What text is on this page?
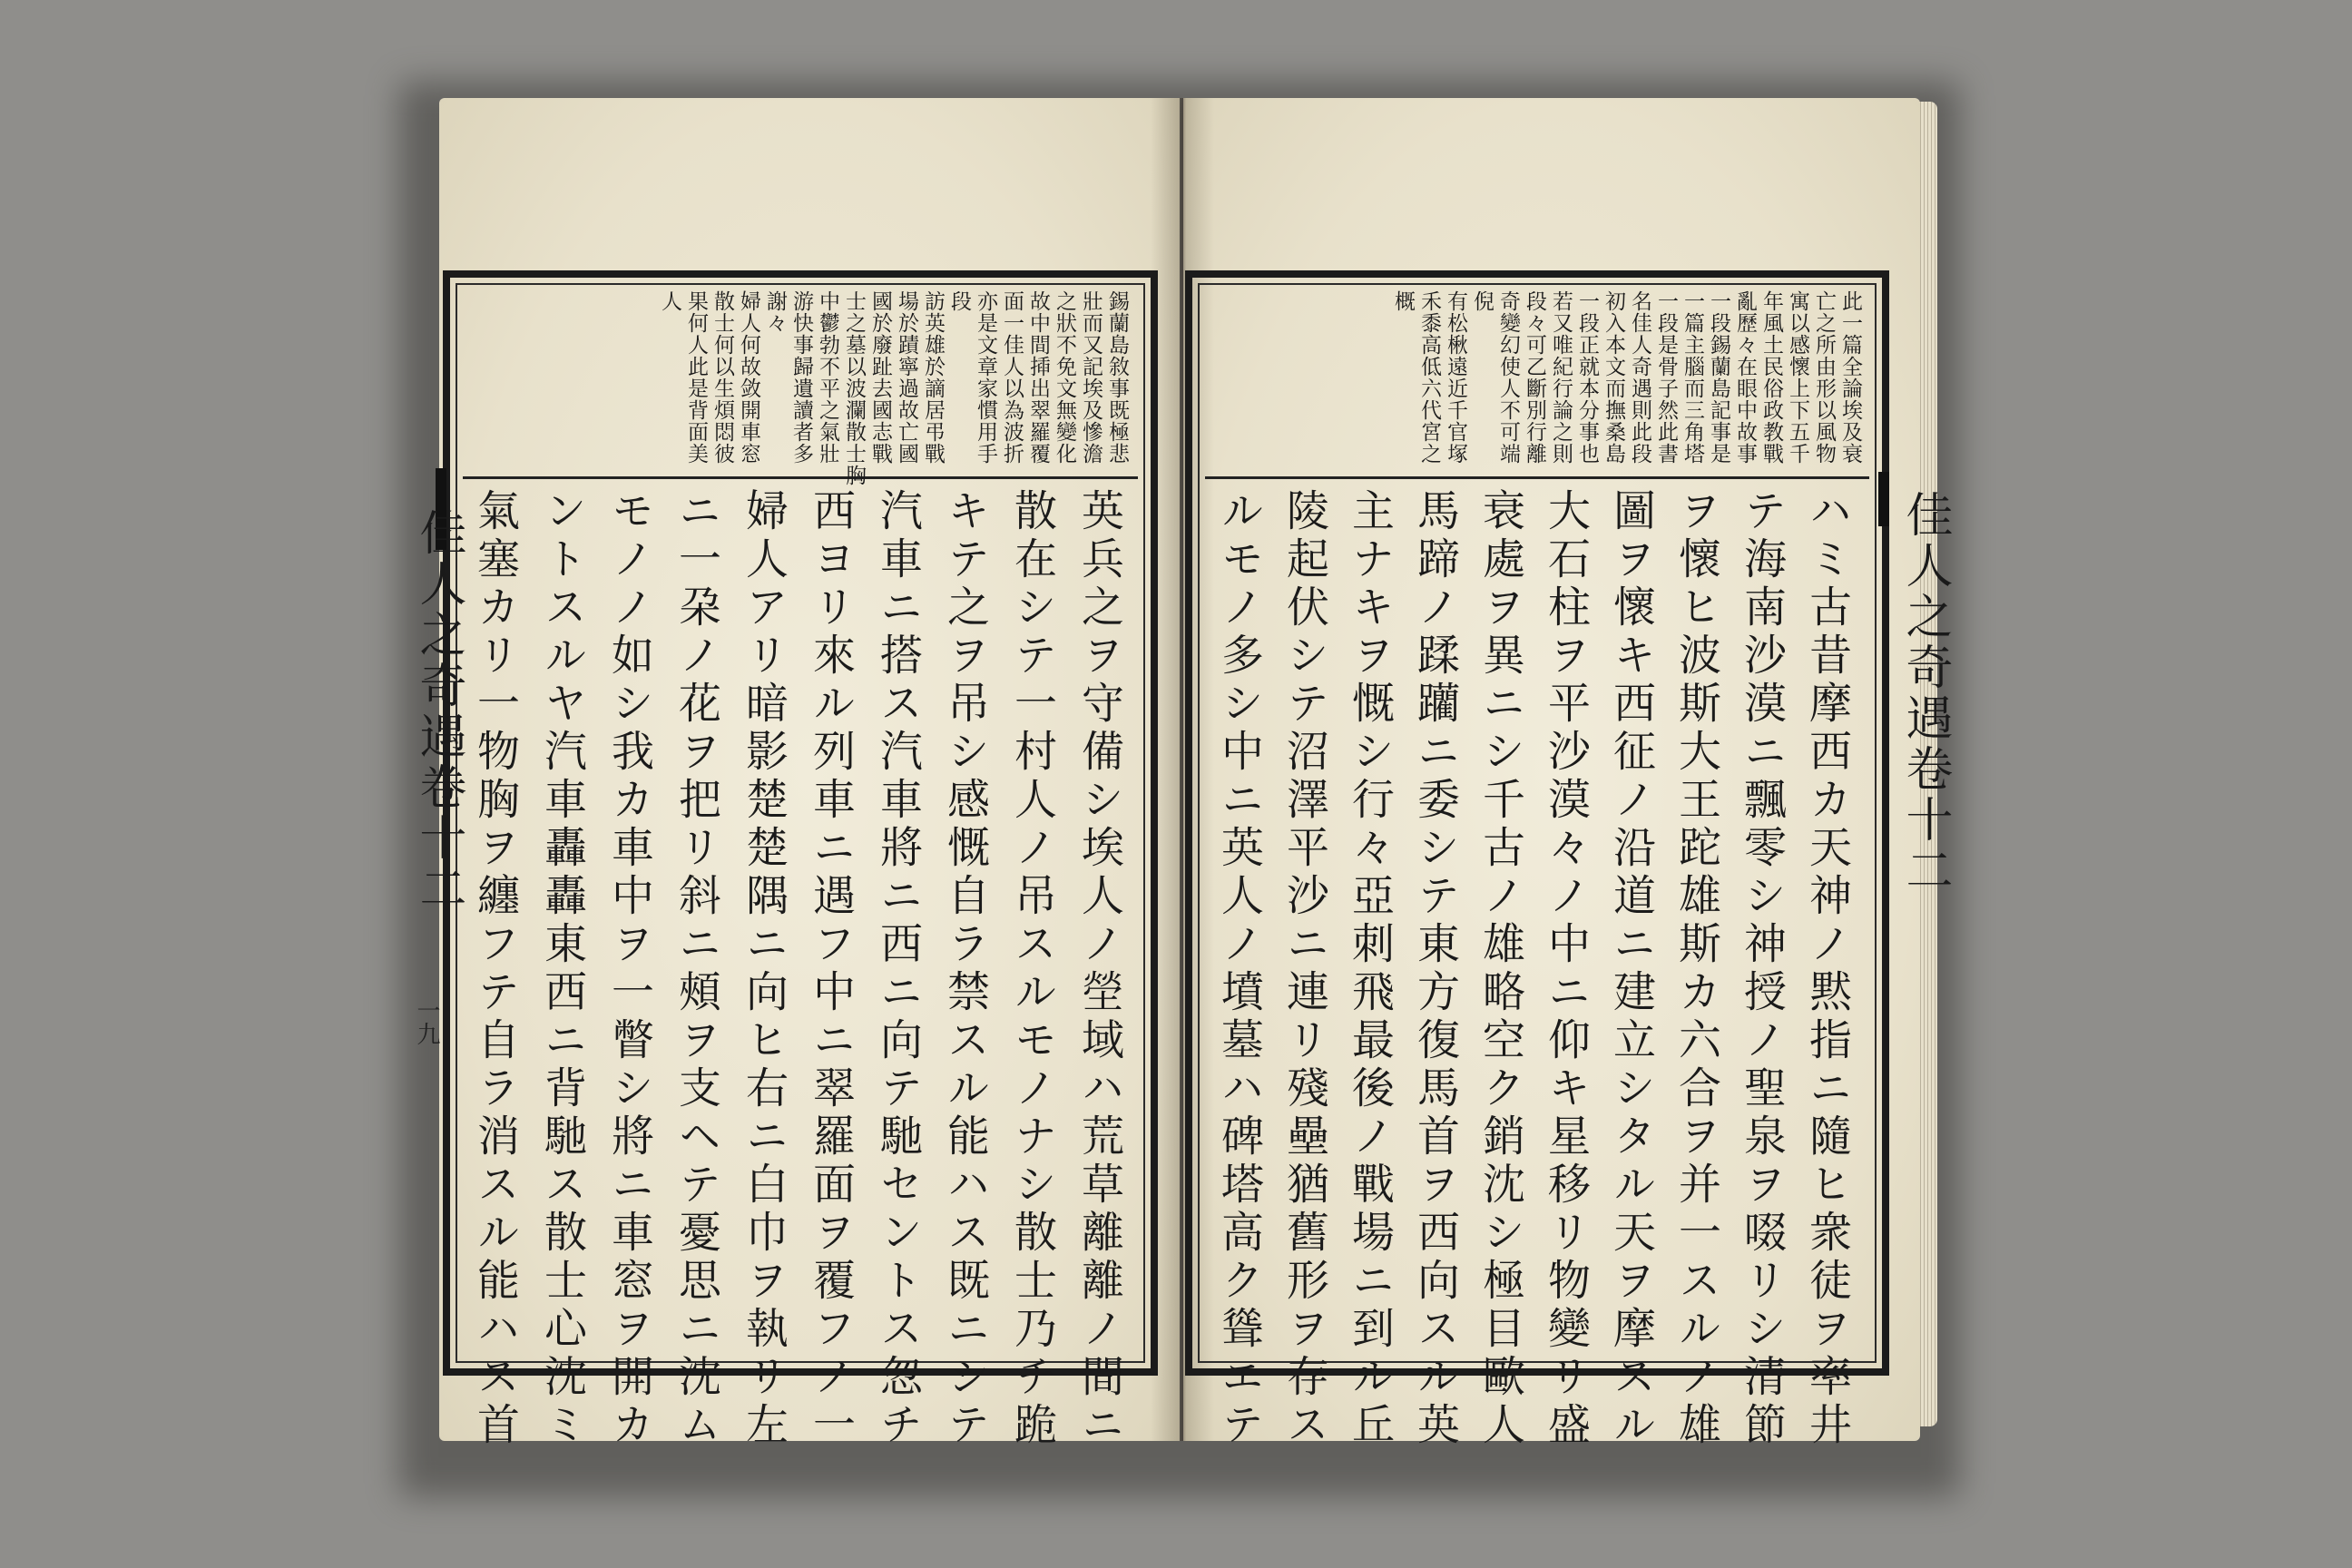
錫蘭島敘事既極悲
壯而又記埃及慘澹
之狀不免文無變化
故中間揷出翠羅覆
面一佳人以為波折
亦是文章家慣用手
段
訪英雄於謫居弔戰
場於蹟寧過故亡國
國於廢趾去國志戰
士之墓以波瀾散士胸
中鬱勃不平之氣壯
游快事歸遺讀者多
謝々
婦人何故敛開車窓
散士何以生煩悶彼
果何人此是背面美
人
英兵之ヲ守備シ埃人ノ塋域ハ荒草離離ノ間ニ
散在シテ一村人ノ吊スルモノナシ散士乃チ跪
キテ之ヲ吊シ感慨自ラ禁スル能ハス既ニシテ
汽車ニ搭ス汽車將ニ西ニ向テ馳セントス忽チ
西ヨリ來ル列車ニ遇フ中ニ翠羅面ヲ覆フノ一
婦人アリ暗影楚楚隅ニ向ヒ右ニ白巾ヲ執リ左
ニ一朶ノ花ヲ把リ斜ニ頰ヲ支ヘテ憂思ニ沈ム
モノノ如シ我カ車中ヲ一瞥シ將ニ車窓ヲ開カ
ントスルヤ汽車轟轟東西ニ背馳ス散士心沈ミ
氣塞カリ一物胸ヲ纏フテ自ラ消スル能ハス首
佳人之奇遇卷十二
一九
此一篇全論埃及衰
亡之所由形以風物
寓以感懷上下五千
年風土民俗政教戰
亂歷々在眼中故事
一段錫蘭島記事是
一篇主腦而三角塔
一段是骨子然此書
名佳人奇遇則此段
初入本文而撫桑島
一段正就本分事也
若又唯紀行論之則
段々可乙斷別行離
奇變幻使人不可端
倪
有松楸遠近千官塚
禾黍高低六代宮之
概
ハミ古昔摩西カ天神ノ黙指ニ隨ヒ衆徒ヲ率井
テ海南沙漠ニ飄零シ神授ノ聖泉ヲ啜リシ清節
ヲ懷ヒ波斯大王跎雄斯カ六合ヲ并一スルノ雄
圖ヲ懷キ西征ノ沿道ニ建立シタル天ヲ摩スル
大石柱ヲ平沙漠々ノ中ニ仰キ星移リ物變リ盛
衰處ヲ異ニシ千古ノ雄略空ク銷沈シ極目歐人
馬蹄ノ蹂躪ニ委シテ東方復馬首ヲ西向スル英
主ナキヲ慨シ行々亞刺飛最後ノ戰場ニ到ル丘
陵起伏シテ沼澤平沙ニ連リ殘壘猶舊形ヲ存ス
ルモノ多シ中ニ英人ノ墳墓ハ碑塔高ク聳エテ	佳人之奇遇卷十二
